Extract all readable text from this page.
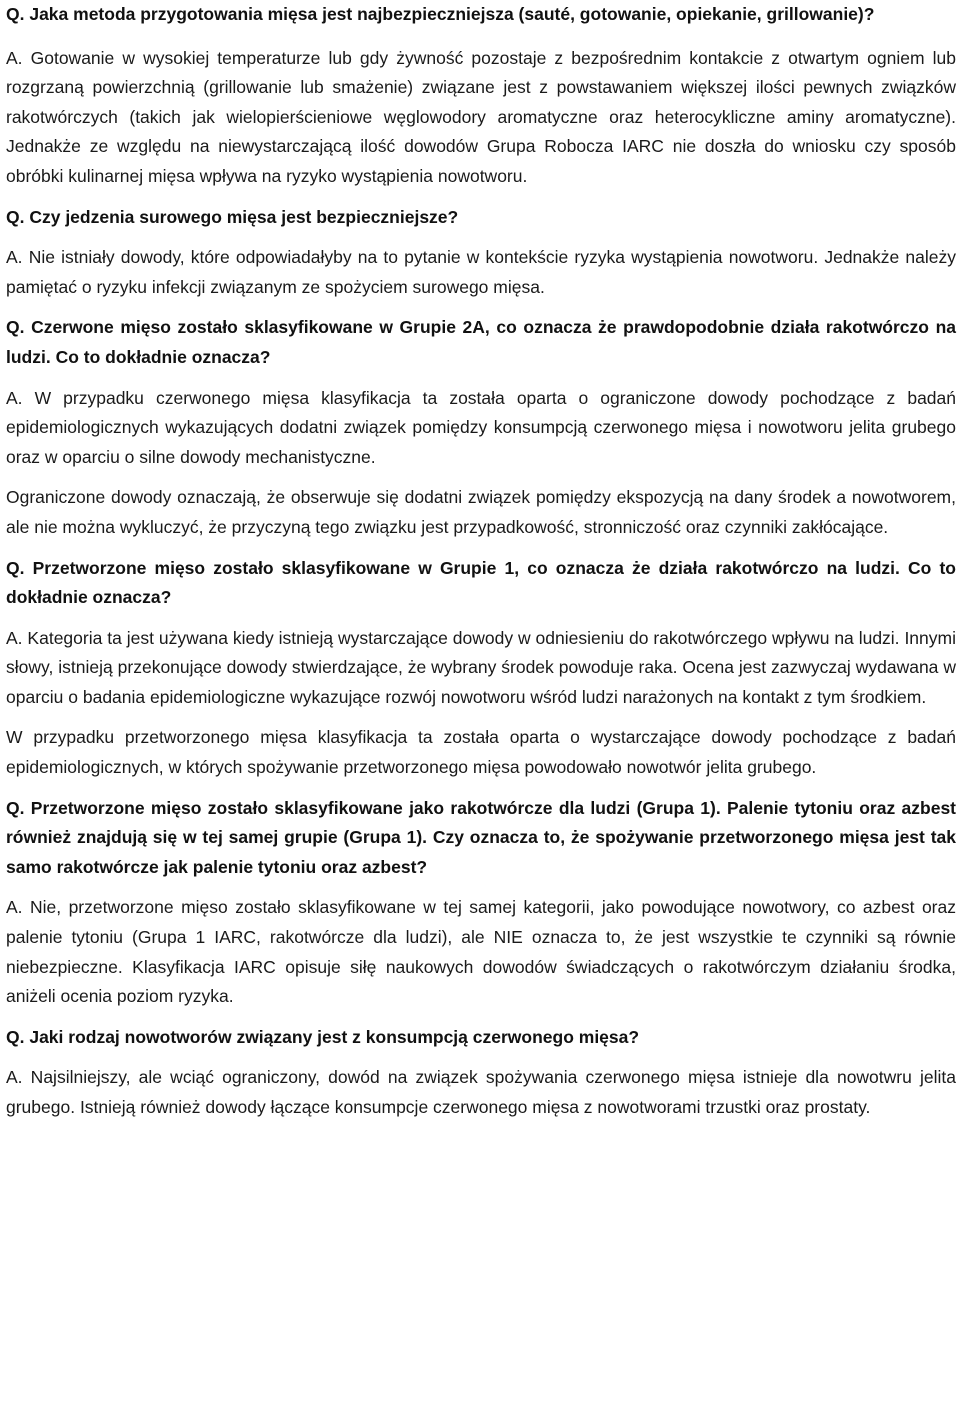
Q. Jaka metoda przygotowania mięsa jest najbezpieczniejsza (sauté, gotowanie, opiekanie, grillowanie)?

A. Gotowanie w wysokiej temperaturze lub gdy żywność pozostaje z bezpośrednim kontakcie z otwartym ogniem lub rozgrzaną powierzchnią (grillowanie lub smażenie) związane jest z powstawaniem większej ilości pewnych związków rakotwórczych (takich jak wielopierścieniowe węglowodory aromatyczne oraz heterocykliczne aminy aromatyczne). Jednakże ze względu na niewystarczającą ilość dowodów Grupa Robocza IARC nie doszła do wniosku czy sposób obróbki kulinarnej mięsa wpływa na ryzyko wystąpienia nowotworu.

Q. Czy jedzenia surowego mięsa jest bezpieczniejsze?

A. Nie istniały dowody, które odpowiadałyby na to pytanie w kontekście ryzyka wystąpienia nowotworu. Jednakże należy pamiętać o ryzyku infekcji związanym ze spożyciem surowego mięsa.

Q. Czerwone mięso zostało sklasyfikowane w Grupie 2A, co oznacza że prawdopodobnie działa rakotwórczo na ludzi. Co to dokładnie oznacza?

A. W przypadku czerwonego mięsa klasyfikacja ta została oparta o ograniczone dowody pochodzące z badań epidemiologicznych wykazujących dodatni związek pomiędzy konsumpcją czerwonego mięsa i nowotworu jelita grubego oraz w oparciu o silne dowody mechanistyczne.

Ograniczone dowody oznaczają, że obserwuje się dodatni związek pomiędzy ekspozycją na dany środek a nowotworem, ale nie można wykluczyć, że przyczyną tego związku jest przypadkowość, stronniczość oraz czynniki zakłócające.

Q. Przetworzone mięso zostało sklasyfikowane w Grupie 1, co oznacza że działa rakotwórczo na ludzi. Co to dokładnie oznacza?

A. Kategoria ta jest używana kiedy istnieją wystarczające dowody w odniesieniu do rakotwórczego wpływu na ludzi. Innymi słowy, istnieją przekonujące dowody stwierdzające, że wybrany środek powoduje raka. Ocena jest zazwyczaj wydawana w oparciu o badania epidemiologiczne wykazujące rozwój nowotworu wśród ludzi narażonych na kontakt z tym środkiem.

W przypadku przetworzonego mięsa klasyfikacja ta została oparta o wystarczające dowody pochodzące z badań epidemiologicznych, w których spożywanie przetworzonego mięsa powodowało nowotwór jelita grubego.

Q. Przetworzone mięso zostało sklasyfikowane jako rakotwórcze dla ludzi (Grupa 1). Palenie tytoniu oraz azbest również znajdują się w tej samej grupie (Grupa 1). Czy oznacza to, że spożywanie przetworzonego mięsa jest tak samo rakotwórcze jak palenie tytoniu oraz azbest?

A. Nie, przetworzone mięso zostało sklasyfikowane w tej samej kategorii, jako powodujące nowotwory, co azbest oraz palenie tytoniu (Grupa 1 IARC, rakotwórcze dla ludzi), ale NIE oznacza to, że jest wszystkie te czynniki są równie niebezpieczne. Klasyfikacja IARC opisuje siłę naukowych dowodów świadczących o rakotwórczym działaniu środka, aniżeli ocenia poziom ryzyka.

Q. Jaki rodzaj nowotworów związany jest z konsumpcją czerwonego mięsa?

A. Najsilniejszy, ale wciąć ograniczony, dowód na związek spożywania czerwonego mięsa istnieje dla nowotwru jelita grubego. Istnieją również dowody łączące konsumpcje czerwonego mięsa z nowotworami trzustki oraz prostaty.
